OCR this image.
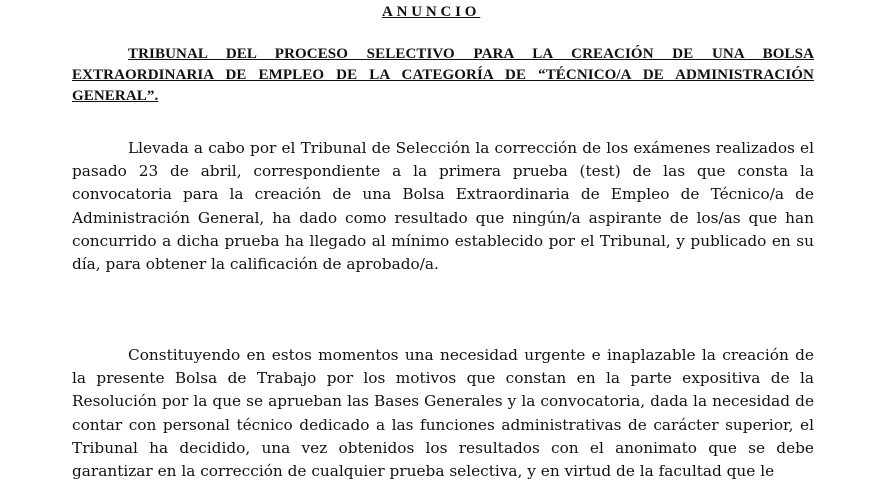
ANUNCIO
TRIBUNAL DEL PROCESO SELECTIVO PARA LA CREACIÓN DE UNA BOLSA EXTRAORDINARIA DE EMPLEO DE LA CATEGORÍA DE “TÉCNICO/A DE ADMINISTRACIÓN GENERAL”.

Llevada a cabo por el Tribunal de Selección la corrección de los exámenes realizados el pasado 23 de abril, correspondiente a la primera prueba (test) de las que consta la convocatoria para la creación de una Bolsa Extraordinaria de Empleo de Técnico/a de Administración General, ha dado como resultado que ningún/a aspirante de los/as que han concurrido a dicha prueba ha llegado al mínimo establecido por el Tribunal, y publicado en su día, para obtener la calificación de aprobado/a.

Constituyendo en estos momentos una necesidad urgente e inaplazable la creación de la presente Bolsa de Trabajo por los motivos que constan en la parte expositiva de la Resolución por la que se aprueban las Bases Generales y la convocatoria, dada la necesidad de contar con personal técnico dedicado a las funciones administrativas de carácter superior, el Tribunal ha decidido, una vez obtenidos los resultados con el anonimato que se debe garantizar en la corrección de cualquier prueba selectiva, y en virtud de la facultad que le
